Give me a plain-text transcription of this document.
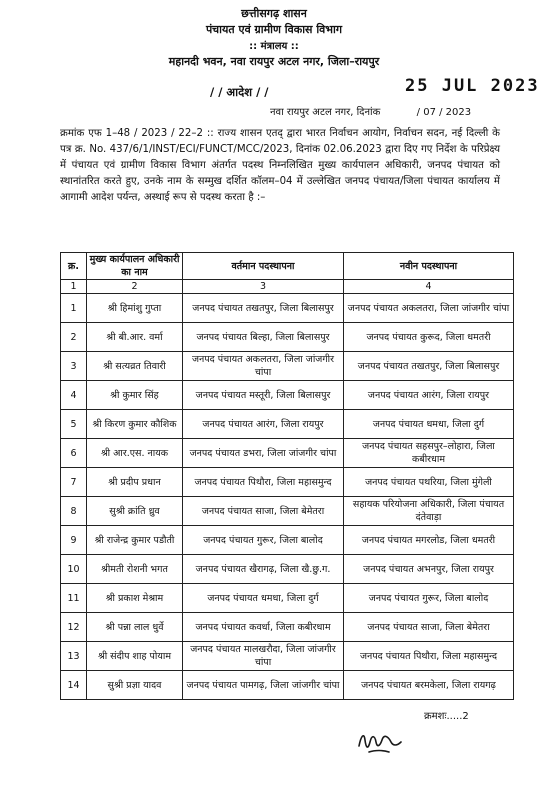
छत्तीसगढ़ शासन
पंचायत एवं ग्रामीण विकास विभाग
:: मंत्रालय ::
महानदी भवन, नवा रायपुर अटल नगर, जिला–रायपुर
/ / आदेश / /	25 JUL 2023
नवा रायपुर अटल नगर, दिनांक	/ 07 / 2023
क्रमांक एफ 1–48 / 2023 / 22–2 :: राज्य शासन एतद् द्वारा भारत निर्वाचन आयोग, निर्वाचन सदन, नई दिल्ली के पत्र क्र. No. 437/6/1/INST/ECI/FUNCT/MCC/2023, दिनांक 02.06.2023 द्वारा दिए गए निर्देश के परिप्रेक्ष्य में पंचायत एवं ग्रामीण विकास विभाग अंतर्गत पदस्थ निम्नलिखित मुख्य कार्यपालन अधिकारी, जनपद पंचायत को स्थानांतरित करते हुए, उनके नाम के सम्मुख दर्शित कॉलम–04 में उल्लेखित जनपद पंचायत/जिला पंचायत कार्यालय में आगामी आदेश पर्यन्त, अस्थाई रूप से पदस्थ करता है :–
क्र.	मुख्य कार्यपालन अधिकारी का नाम	वर्तमान पदस्थापना	नवीन पदस्थापना
1	2	3	4
1	श्री हिमांशु गुप्ता	जनपद पंचायत तखतपुर, जिला बिलासपुर	जनपद पंचायत अकलतरा, जिला जांजगीर चांपा
2	श्री बी.आर. वर्मा	जनपद पंचायत बिल्हा, जिला बिलासपुर	जनपद पंचायत कुरूद, जिला धमतरी
3	श्री सत्यव्रत तिवारी	जनपद पंचायत अकलतरा, जिला जांजगीर चांपा	जनपद पंचायत तखतपुर, जिला बिलासपुर
4	श्री कुमार सिंह	जनपद पंचायत मस्तूरी, जिला बिलासपुर	जनपद पंचायत आरंग, जिला रायपुर
5	श्री किरण कुमार कौशिक	जनपद पंचायत आरंग, जिला रायपुर	जनपद पंचायत धमधा, जिला दुर्ग
6	श्री आर.एस. नायक	जनपद पंचायत डभरा, जिला जांजगीर चांपा	जनपद पंचायत सहसपुर–लोहारा, जिला कबीरधाम
7	श्री प्रदीप प्रधान	जनपद पंचायत पिथौरा, जिला महासमुन्द	जनपद पंचायत पथरिया, जिला मुंगेली
8	सुश्री क्रांति ध्रुव	जनपद पंचायत साजा, जिला बेमेतरा	सहायक परियोजना अधिकारी, जिला पंचायत दंतेवाड़ा
9	श्री राजेन्द्र कुमार पडौती	जनपद पंचायत गुरूर, जिला बालोद	जनपद पंचायत मगरलोड, जिला धमतरी
10	श्रीमती रोशनी भगत	जनपद पंचायत खैरागढ़, जिला खै.छु.ग.	जनपद पंचायत अभनपुर, जिला रायपुर
11	श्री प्रकाश मेश्राम	जनपद पंचायत धमधा, जिला दुर्ग	जनपद पंचायत गुरूर, जिला बालोद
12	श्री पन्ना लाल धुर्वे	जनपद पंचायत कवर्धा, जिला कबीरधाम	जनपद पंचायत साजा, जिला बेमेतरा
13	श्री संदीप शाह पोयाम	जनपद पंचायत मालखरौदा, जिला जांजगीर चांपा	जनपद पंचायत पिथौरा, जिला महासमुन्द
14	सुश्री प्रज्ञा यादव	जनपद पंचायत पामगढ़, जिला जांजगीर चांपा	जनपद पंचायत बरमकेला, जिला रायगढ़
क्रमशः.....2
